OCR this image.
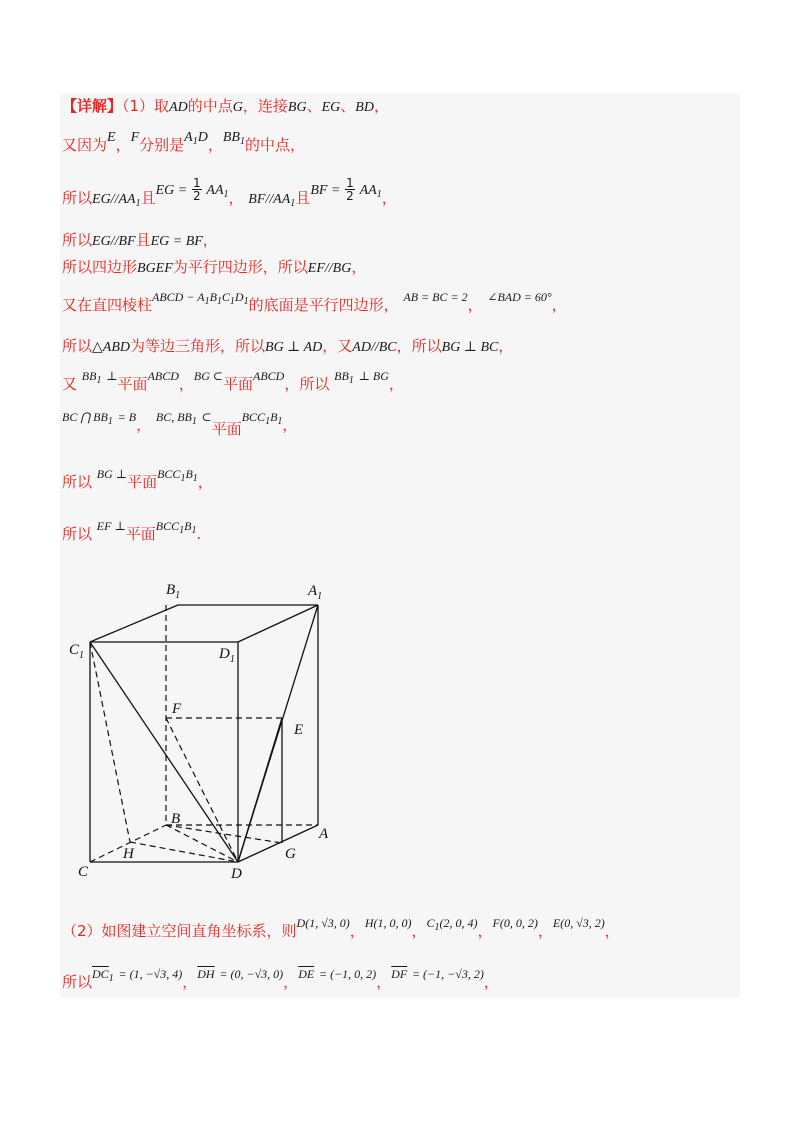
【详解】（1）取AD的中点G，连接BG、EG、BD，
又因为E，F分别是$A_1D$，$BB_1$的中点，
所以$EG//AA_1$且EG = $\frac{1}{2} AA_1$， $BF//AA_1$且BF = $\frac{1}{2} AA_1$，
所以EG//BF且EG = BF，
所以四边形BGEF为平行四边形，所以EF//BG，
又在直四棱柱ABCD − $A_1B_1C_1D_1$的底面是平行四边形， AB = BC = 2， ∠BAD = 60°，
所以△ABD为等边三角形，所以BG ⊥ AD，又AD//BC，所以BG ⊥ BC，
又 $BB_1$ ⊥平面ABCD，BG ⊂平面ABCD，所以 $BB_1$ ⊥ BG，
BC ⋂ $BB_1 = B$， BC, $BB_1$ ⊂平面$BCC_1B_1$，
所以 BG ⊥平面$BCC_1B_1$，
所以 EF ⊥平面$BCC_1B_1$.
$B_1$	$A_1$
$C_1$	$D_1$
F
E
B
H	G
A
C	D
（2）如图建立空间直角坐标系，则D(1, √3, 0)，H(1, 0, 0)，$C_1(2$, 0, 4)，F(0, 0, 2)，E(0, √3, 2)，
所以$\overline{DC}_1 = (1$, −√3, 4)，$\overline{DH} = (0$, −√3, 0)，$\overline{DE} = (-1$, 0, 2)，$\overline{DF} = (-1$, −√3, 2)，
